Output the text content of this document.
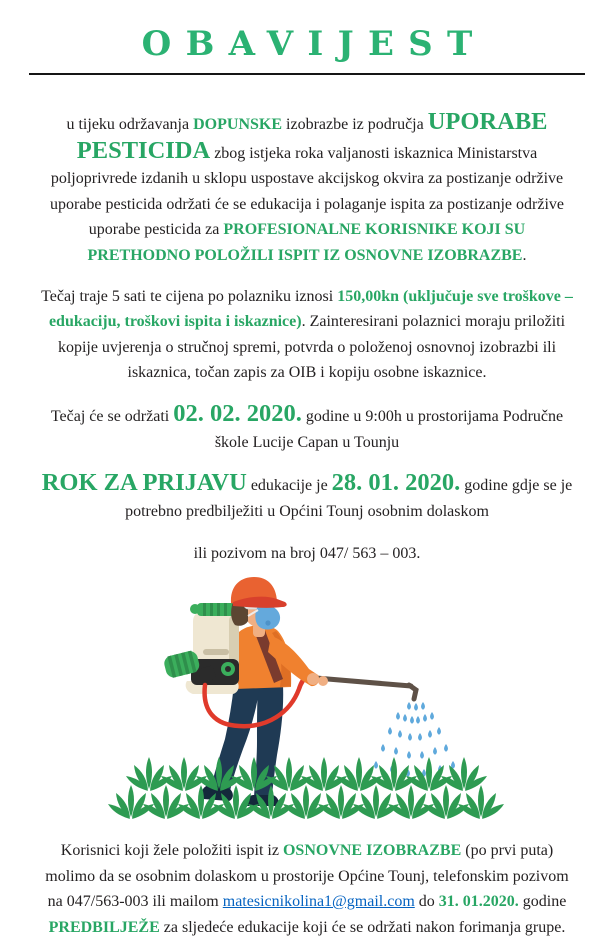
OBAVIJEST

u tijeku održavanja DOPUNSKE izobrazbe iz područja UPORABE PESTICIDA zbog istjeka roka valjanosti iskaznica Ministarstva poljoprivrede izdanih u sklopu uspostave akcijskog okvira za postizanje održive uporabe pesticida održati će se edukacija i polaganje ispita za postizanje održive uporabe pesticida za PROFESIONALNE KORISNIKE KOJI SU PRETHODNO POLOŽILI ISPIT IZ OSNOVNE IZOBRAZBE.

Tečaj traje 5 sati te cijena po polazniku iznosi 150,00kn (uključuje sve troškove – edukaciju, troškovi ispita i iskaznice). Zainteresirani polaznici moraju priložiti kopije uvjerenja o stručnoj spremi, potvrda o položenoj osnovnoj izobrazbi ili iskaznica, točan zapis za OIB i kopiju osobne iskaznice.

Tečaj će se održati 02. 02. 2020. godine u 9:00h u prostorijama Područne škole Lucije Capan u Tounju

ROK ZA PRIJAVU edukacije je 28. 01. 2020. godine gdje se je potrebno predbilježiti u Općini Tounj osobnim dolaskom

ili pozivom na broj 047/ 563 – 003.

Korisnici koji žele položiti ispit iz OSNOVNE IZOBRAZBE (po prvi puta) molimo da se osobnim dolaskom u prostorije Općine Tounj, telefonskim pozivom na 047/563-003 ili mailom matesicnikolina1@gmail.com do 31. 01.2020. godine PREDBILJEŽE za sljedeće edukacije koji će se održati nakon forimanja grupe.
